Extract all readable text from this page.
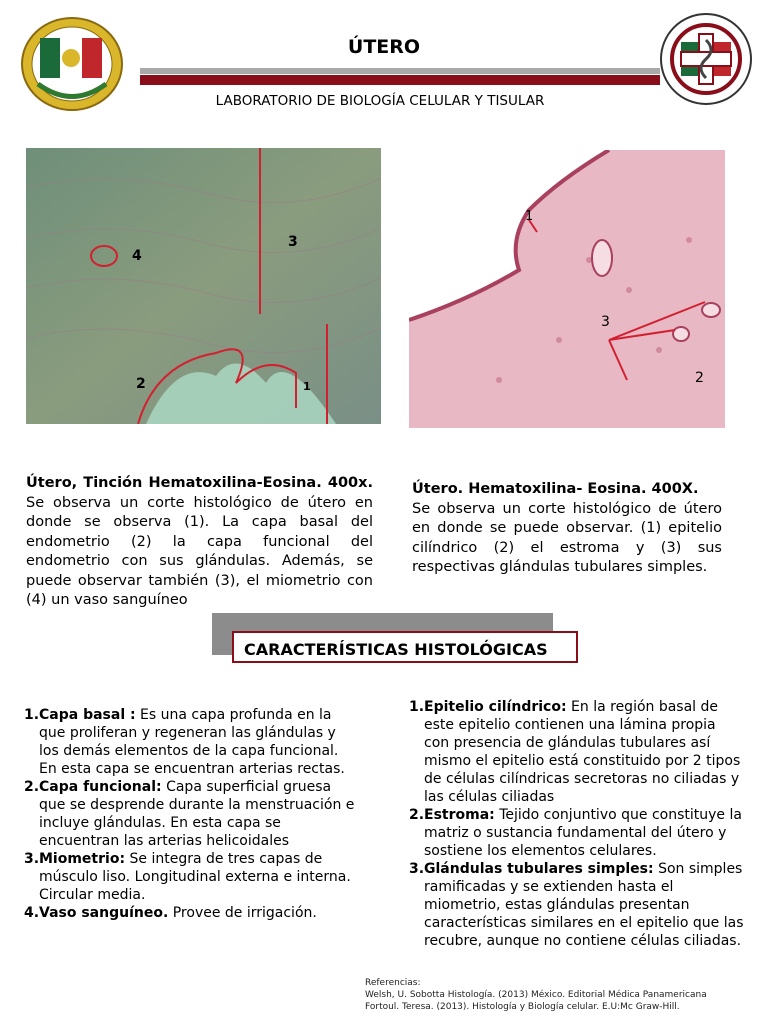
ÚTERO
LABORATORIO DE BIOLOGÍA CELULAR Y TISULAR
4
3
2	1
1
3
2
Útero, Tinción Hematoxilina-Eosina. 400x. Se observa un corte histológico de útero en donde se observa (1). La capa basal del endometrio (2) la capa funcional del endometrio con sus glándulas. Además, se puede observar también (3), el miometrio con (4) un vaso sanguíneo
Útero. Hematoxilina- Eosina. 400X.
Se observa un corte histológico de útero en donde se puede observar. (1) epitelio cilíndrico (2) el estroma y (3) sus respectivas glándulas tubulares simples.
CARACTERÍSTICAS HISTOLÓGICAS
1. Capa basal : Es una capa profunda en la que proliferan y regeneran las glándulas y los demás elementos de la capa funcional. En esta capa se encuentran arterias rectas.
2. Capa funcional: Capa superficial gruesa que se desprende durante la menstruación e incluye glándulas. En esta capa se encuentran las arterias helicoidales
3. Miometrio: Se integra de tres capas de músculo liso. Longitudinal externa e interna. Circular media.
4. Vaso sanguíneo. Provee de irrigación.
1. Epitelio cilíndrico: En la región basal de este epitelio contienen una lámina propia con presencia de glándulas tubulares así mismo el epitelio está constituido por 2 tipos de células cilíndricas secretoras no ciliadas y las células ciliadas
2. Estroma: Tejido conjuntivo que constituye la matriz o sustancia fundamental del útero y sostiene los elementos celulares.
3. Glándulas tubulares simples: Son simples ramificadas y se extienden hasta el miometrio, estas glándulas presentan características similares en el epitelio que las recubre, aunque no contiene células ciliadas.
Referencias:
Welsh, U. Sobotta Histología. (2013) México. Editorial Médica Panamericana
Fortoul. Teresa. (2013). Histología y Biología celular. E.U:Mc Graw-Hill.
